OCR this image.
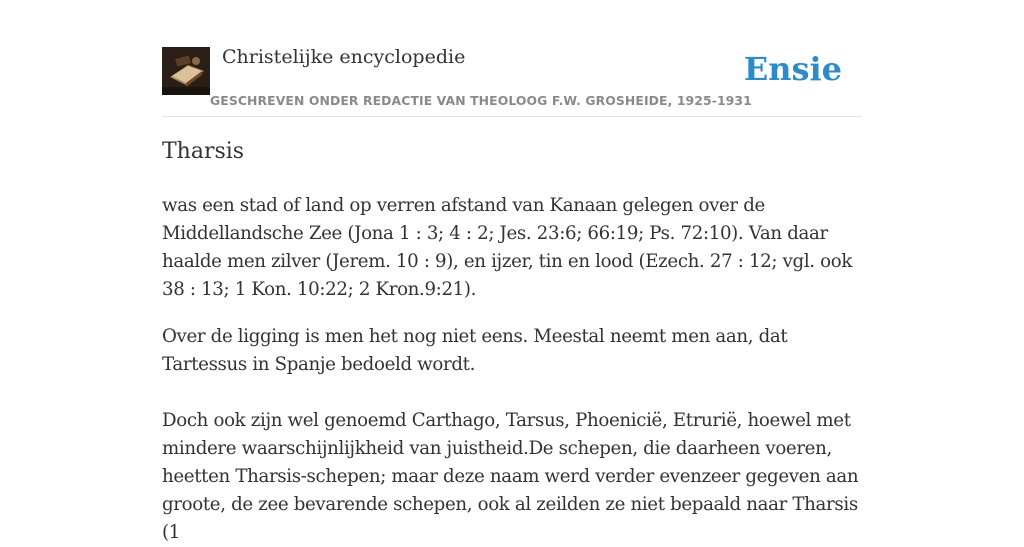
Christelijke encyclopedie
GESCHREVEN ONDER REDACTIE VAN THEOLOOG F.W. GROSHEIDE, 1925-1931
Ensie
Tharsis

was een stad of land op verren afstand van Kanaan gelegen over de Middellandsche Zee (Jona 1 : 3; 4 : 2; Jes. 23:6; 66:19; Ps. 72:10). Van daar haalde men zilver (Jerem. 10 : 9), en ijzer, tin en lood (Ezech. 27 : 12; vgl. ook 38 : 13; 1 Kon. 10:22; 2 Kron.9:21).

Over de ligging is men het nog niet eens. Meestal neemt men aan, dat Tartessus in Spanje bedoeld wordt.

Doch ook zijn wel genoemd Carthago, Tarsus, Phoenicië, Etrurië, hoewel met mindere waarschijnlijkheid van juistheid.De schepen, die daarheen voeren, heetten Tharsis-schepen; maar deze naam werd verder evenzeer gegeven aan groote, de zee bevarende schepen, ook al zeilden ze niet bepaald naar Tharsis (1
